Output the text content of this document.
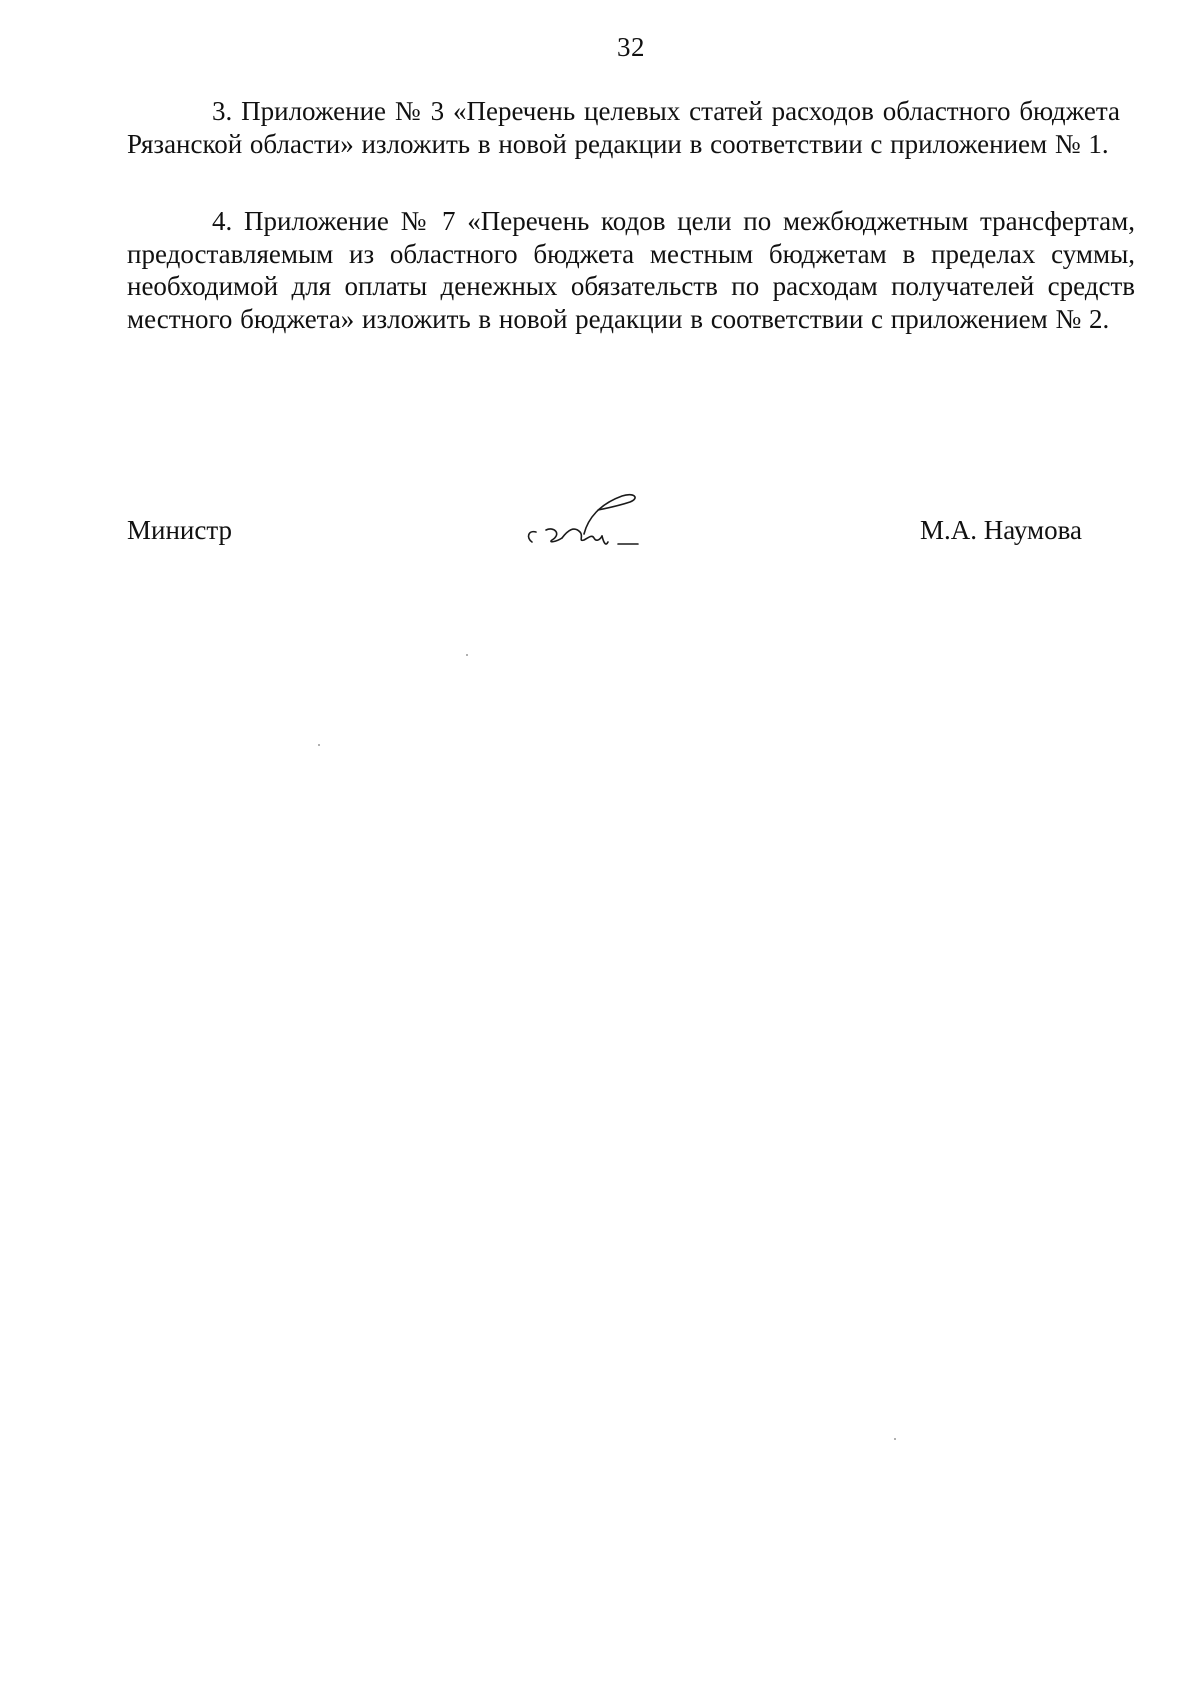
32

3. Приложение № 3 «Перечень целевых статей расходов областного бюджета Рязанской области» изложить в новой редакции в соответствии с приложением № 1.

4. Приложение № 7 «Перечень кодов цели по межбюджетным трансфертам, предоставляемым из областного бюджета местным бюджетам в пределах суммы, необходимой для оплаты денежных обязательств по расходам получателей средств местного бюджета» изложить в новой редакции в соответствии с приложением № 2.

Министр	М.А. Наумова
